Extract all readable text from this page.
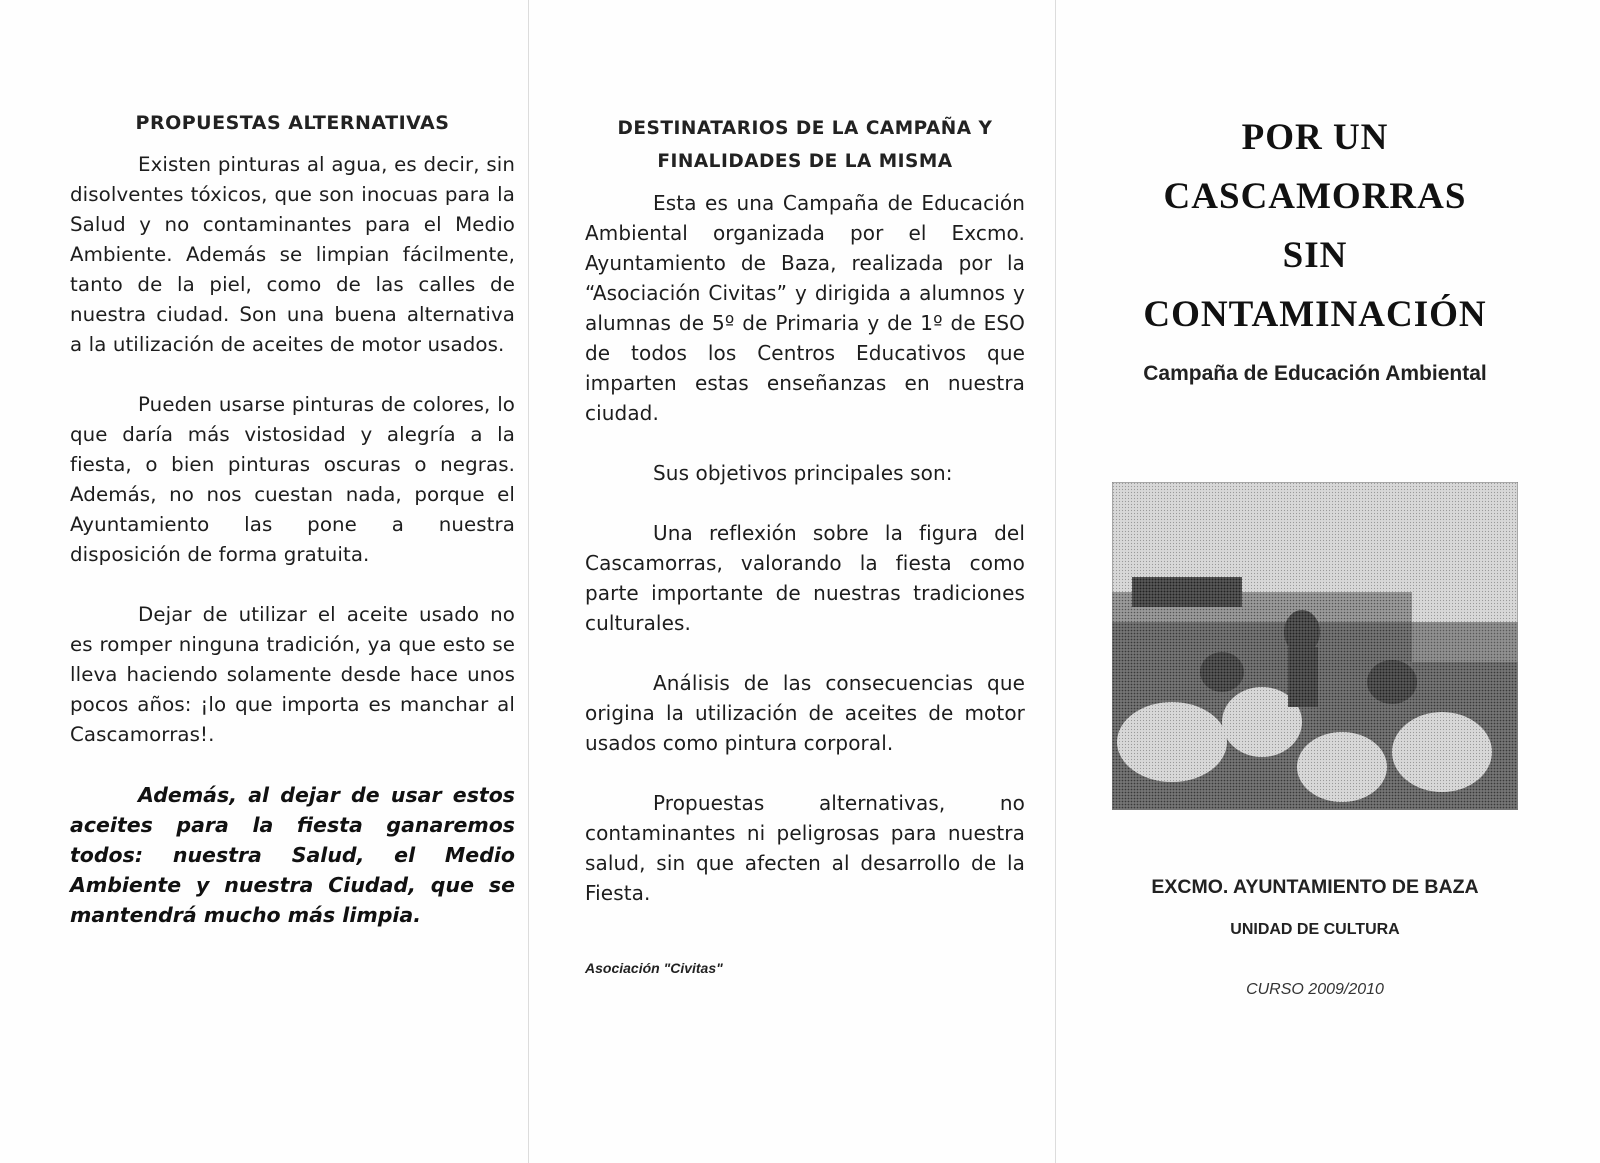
PROPUESTAS ALTERNATIVAS

Existen pinturas al agua, es decir, sin disolventes tóxicos, que son inocuas para la Salud y no contaminantes para el Medio Ambiente. Además se limpian fácilmente, tanto de la piel, como de las calles de nuestra ciudad. Son una buena alternativa a la utilización de aceites de motor usados.

Pueden usarse pinturas de colores, lo que daría más vistosidad y alegría a la fiesta, o bien pinturas oscuras o negras. Además, no nos cuestan nada, porque el Ayuntamiento las pone a nuestra disposición de forma gratuita.

Dejar de utilizar el aceite usado no es romper ninguna tradición, ya que esto se lleva haciendo solamente desde hace unos pocos años: ¡lo que importa es manchar al Cascamorras!.

Además, al dejar de usar estos aceites para la fiesta ganaremos todos: nuestra Salud, el Medio Ambiente y nuestra Ciudad, que se mantendrá mucho más limpia.

DESTINATARIOS DE LA CAMPAÑA Y
FINALIDADES DE LA MISMA

Esta es una Campaña de Educación Ambiental organizada por el Excmo. Ayuntamiento de Baza, realizada por la “Asociación Civitas” y dirigida a alumnos y alumnas de 5º de Primaria y de 1º de ESO de todos los Centros Educativos que imparten estas enseñanzas en nuestra ciudad.

Sus objetivos principales son:

Una reflexión sobre la figura del Cascamorras, valorando la fiesta como parte importante de nuestras tradiciones culturales.

Análisis de las consecuencias que origina la utilización de aceites de motor usados como pintura corporal.

Propuestas alternativas, no contaminantes ni peligrosas para nuestra salud, sin que afecten al desarrollo de la Fiesta.

Asociación "Civitas"
POR UN
CASCAMORRAS
SIN
CONTAMINACIÓN
Campaña de Educación Ambiental
EXCMO. AYUNTAMIENTO DE BAZA
UNIDAD DE CULTURA
CURSO 2009/2010
